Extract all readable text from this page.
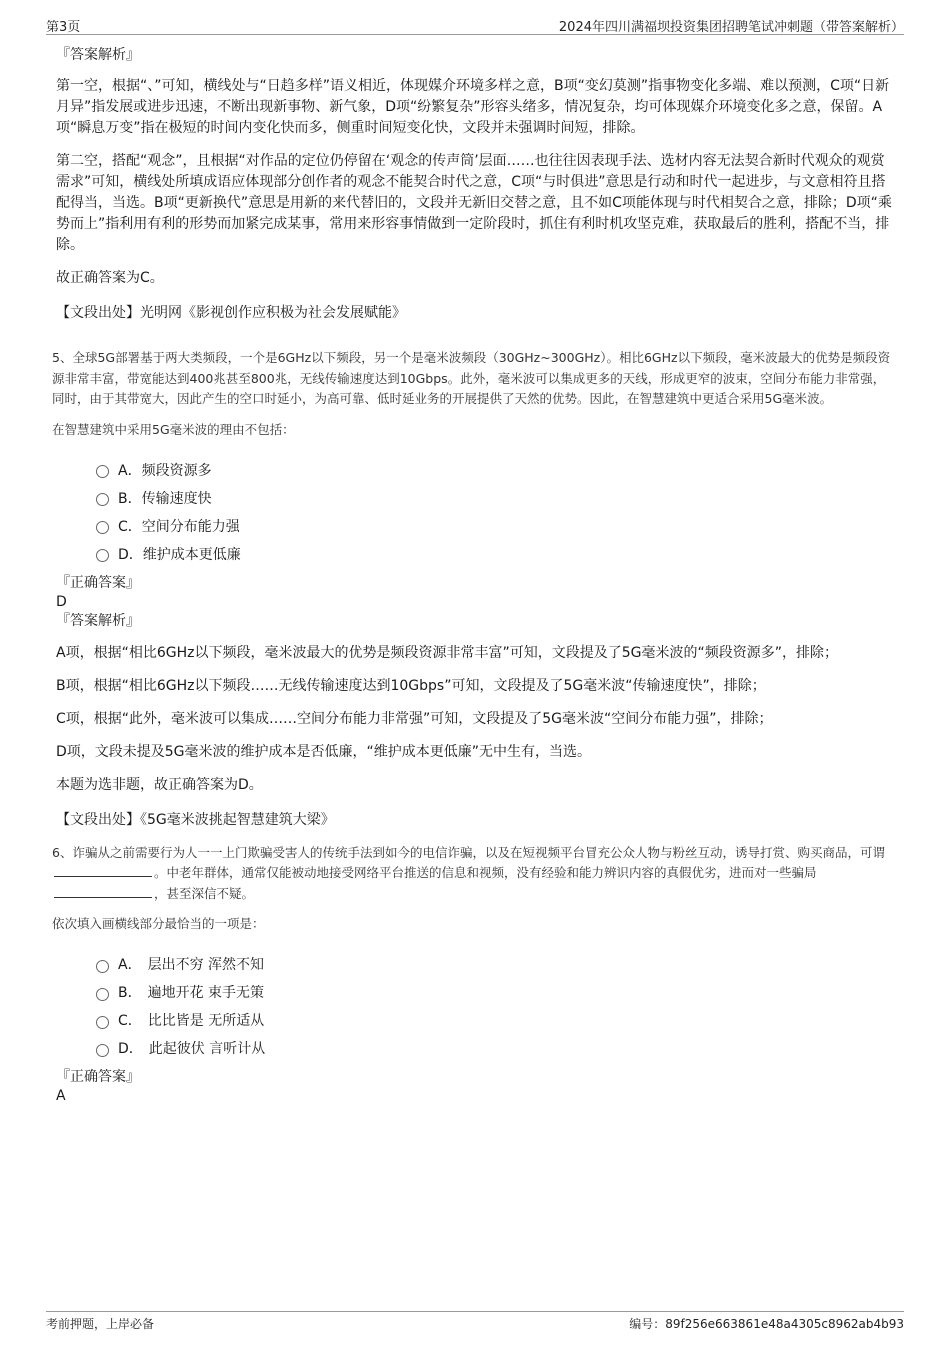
第3页	2024年四川满福坝投资集团招聘笔试冲刺题（带答案解析）

『答案解析』

第一空，根据“、”可知，横线处与“日趋多样”语义相近，体现媒介环境多样之意，B项“变幻莫测”指事物变化多端、难以预测，C项“日新月异”指发展或进步迅速，不断出现新事物、新气象，D项“纷繁复杂”形容头绪多，情况复杂，均可体现媒介环境变化多之意，保留。A项“瞬息万变”指在极短的时间内变化快而多，侧重时间短变化快，文段并未强调时间短，排除。

第二空，搭配“观念”，且根据“对作品的定位仍停留在‘观念的传声筒’层面……也往往因表现手法、选材内容无法契合新时代观众的观赏需求”可知，横线处所填成语应体现部分创作者的观念不能契合时代之意，C项“与时俱进”意思是行动和时代一起进步，与文意相符且搭配得当，当选。B项“更新换代”意思是用新的来代替旧的，文段并无新旧交替之意，且不如C项能体现与时代相契合之意，排除；D项“乘势而上”指利用有利的形势而加紧完成某事，常用来形容事情做到一定阶段时，抓住有利时机攻坚克难，获取最后的胜利，搭配不当，排除。

故正确答案为C。

【文段出处】光明网《影视创作应积极为社会发展赋能》

5、全球5G部署基于两大类频段，一个是6GHz以下频段，另一个是毫米波频段（30GHz~300GHz）。相比6GHz以下频段，毫米波最大的优势是频段资源非常丰富，带宽能达到400兆甚至800兆，无线传输速度达到10Gbps。此外，毫米波可以集成更多的天线，形成更窄的波束，空间分布能力非常强，同时，由于其带宽大，因此产生的空口时延小，为高可靠、低时延业务的开展提供了天然的优势。因此，在智慧建筑中更适合采用5G毫米波。

在智慧建筑中采用5G毫米波的理由不包括：

A． 频段资源多
B． 传输速度快
C． 空间分布能力强
D． 维护成本更低廉

『正确答案』

D

『答案解析』

A项，根据“相比6GHz以下频段，毫米波最大的优势是频段资源非常丰富”可知，文段提及了5G毫米波的“频段资源多”，排除；

B项，根据“相比6GHz以下频段……无线传输速度达到10Gbps”可知，文段提及了5G毫米波“传输速度快”，排除；

C项，根据“此外，毫米波可以集成……空间分布能力非常强”可知，文段提及了5G毫米波“空间分布能力强”，排除；

D项，文段未提及5G毫米波的维护成本是否低廉，“维护成本更低廉”无中生有，当选。

本题为选非题，故正确答案为D。

【文段出处】《5G毫米波挑起智慧建筑大梁》

6、诈骗从之前需要行为人一一上门欺骗受害人的传统手法到如今的电信诈骗，以及在短视频平台冒充公众人物与粉丝互动，诱导打赏、购买商品，可谓。中老年群体，通常仅能被动地接受网络平台推送的信息和视频，没有经验和能力辨识内容的真假优劣，进而对一些骗局，甚至深信不疑。

依次填入画横线部分最恰当的一项是：

A． 层出不穷 浑然不知
B． 遍地开花 束手无策
C． 比比皆是 无所适从
D． 此起彼伏 言听计从

『正确答案』

A

考前押题，上岸必备	编号：89f256e663861e48a4305c8962ab4b93
